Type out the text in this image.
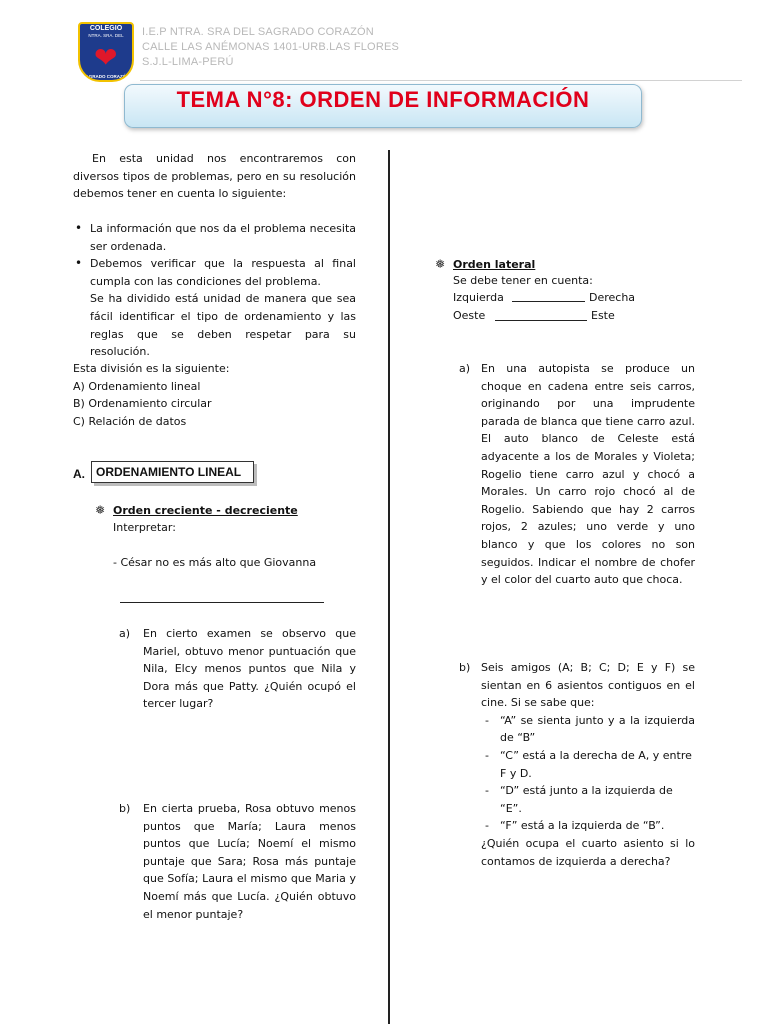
COLEGIO
NTRA. SRA. DEL
❤
SAGRADO CORAZÓN
I.E.P NTRA. SRA DEL SAGRADO CORAZÓN
CALLE LAS ANÉMONAS 1401-URB.LAS FLORES
S.J.L-LIMA-PERÚ
TEMA N°8: ORDEN DE INFORMACIÓN
En esta unidad nos encontraremos con diversos tipos de problemas, pero en su resolución debemos tener en cuenta lo siguiente:
• La información que nos da el problema necesita ser ordenada.
• Debemos verificar que la respuesta al final cumpla con las condiciones del problema.
Se ha dividido está unidad de manera que sea fácil identificar el tipo de ordenamiento y las reglas que se deben respetar para su resolución.
Esta división es la siguiente:
A) Ordenamiento lineal
B) Ordenamiento circular
C) Relación de datos
A. ORDENAMIENTO LINEAL
❅ Orden creciente - decreciente
Interpretar:
- César no es más alto que Giovanna
a) En cierto examen se observo que Mariel, obtuvo menor puntuación que Nila, Elcy menos puntos que Nila y Dora más que Patty. ¿Quién ocupó el tercer lugar?
b) En cierta prueba, Rosa obtuvo menos puntos que María; Laura menos puntos que Lucía; Noemí el mismo puntaje que Sara; Rosa más puntaje que Sofía; Laura el mismo que Maria y Noemí más que Lucía. ¿Quién obtuvo el menor puntaje?
❅ Orden lateral
Se debe tener en cuenta:
Izquierda	Derecha
Oeste	Este
a) En una autopista se produce un choque en cadena entre seis carros, originando por una imprudente parada de blanca que tiene carro azul. El auto blanco de Celeste está adyacente a los de Morales y Violeta; Rogelio tiene carro azul y chocó a Morales. Un carro rojo chocó al de Rogelio. Sabiendo que hay 2 carros rojos, 2 azules; uno verde y uno blanco y que los colores no son seguidos. Indicar el nombre de chofer y el color del cuarto auto que choca.
b) Seis amigos (A; B; C; D; E y F) se sientan en 6 asientos contiguos en el cine. Si se sabe que:
- “A” se sienta junto y a la izquierda de “B”
- “C” está a la derecha de A, y entre F y D.
- “D” está junto a la izquierda de “E”.
- “F” está a la izquierda de “B”.
¿Quién ocupa el cuarto asiento si lo contamos de izquierda a derecha?
